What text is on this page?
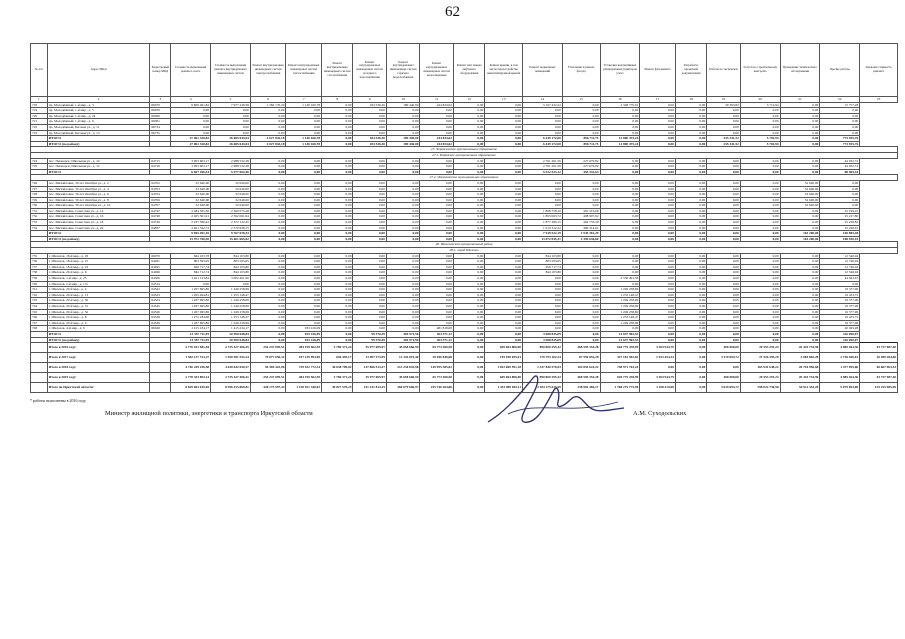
62
№ п/п	Адрес МКД	Кадастровый номер МКД	Стоимость выполнения ремонта, всего	Стоимость выполнения ремонта внутридомовых инженерных систем	Ремонт внутридомовых инженерных систем электроснабжения	Ремонт внутридомовых инженерных систем теплоснабжения	Ремонт внутридомовых инженерных систем газоснабжения	Ремонт внутридомовых инженерных систем холодного водоснабжения	Ремонт внутридомовых инженерных систем горячего водоснабжения	Ремонт внутридомовых инженерных систем водоотведения	Ремонт или замена лифтового оборудования	Ремонт крыши, в том числе переустройство невентилируемой крыши	Ремонт подвальных помещений	Утепление и ремонт фасада	Установка коллективных (общедомовых) приборов учета	Ремонт фундамента	Разработка проектной документации	Работы по экспертизе	Услуги по строительному контролю	Проведение технического обследования	Прочие работы	Удельная стоимость ремонта
1	2	3	4	5	6	7	8	9	10	11	12	13	14	15	16	17	18	19	20	21	22	23
718	пр. Молодёжный, 1-й мкр., д. 3	66070	6 869 461,82	7 977 249,58	1 382 176,20	1 140 160,78	0,00	184 536,30	189 440,00	244 834,62	0,00	0,00	5 167 432,22	0,00	2 348 770,91	0,00	0,00	39 363,82	3 712,94	0,00	15 757,28	
719	пр. Молодёжный, 1-й мкр., д. 5	66059	0,00	0,00	0,00	0,00	0,00	0,00	0,00	0,00	0,00	0,00	0,00	0,00	0,00	0,00	0,00	0,00	0,00	0,00	0,00	
720	пр. Молодёжный, 1-й мкр., д. 24	66069	0,00	0,00	0,00	0,00	0,00	0,00	0,00	0,00	0,00	0,00	0,00	0,00	0,00	0,00	0,00	0,00	0,00	0,00	0,00	
721	пр. Молодёжный, 1-й мкр., д. 9	66061	0,00	0,00	0,00	0,00	0,00	0,00	0,00	0,00	0,00	0,00	0,00	0,00	0,00	0,00	0,00	0,00	0,00	0,00	0,00	
722	пр. Молодёжный, Беговая ул., д. 11	66734	0,00	0,00	0,00	0,00	0,00	0,00	0,00	0,00	0,00	0,00	0,00	0,00	0,00	0,00	0,00	0,00	0,00	0,00	0,00	
723	пр. Молодёжный, Беговая ул., д. 13	66735	0,00	0,00	0,00	0,00	0,00	0,00	0,00	0,00	0,00	0,00	0,00	0,00	0,00	0,00	0,00	0,00	0,00	0,00	0,00	
	ИТОГО		27 061 320,82	26 685 643,04	4 027 842,18	1 140 160,78	0,00	184 536,30	189 440,00	244 834,62	0,00	0,00	6 449 172,00	896 711,75	12 800 475,24	0,00	0,00	255 341,52	5 702,94	0,00	773 955,76	
	ИТОГО (по району)		27 061 320,82	26 685 643,04	4 027 842,18	1 140 160,78	0,00	184 536,30	189 440,00	244 834,62	0,00	0,00	6 449 172,00	896 711,75	12 800 475,24	0,00	0,00	255 341,52	5 702,94	0,00	773 955,76	
27. Черемховское муниципальное образование																						
27.1. Кировское муниципальное образование																						
724	пос. Пионерск, Школьная ул., д. 10	64715	3 003 603,17	2 988 532,28	0,00	0,00	0,00	0,00	0,00	0,00	0,00	0,00	2 761 261,56	227 670,82	0,00	0,00	0,00	0,00	0,00	0,00	44 032,72	
725	пос. Пионерск, Школьная ул., д. 12	64716	3 003 603,17	2 988 532,28	0,00	0,00	0,00	0,00	0,00	0,00	0,00	0,00	2 761 261,56	227 670,82	0,00	0,00	0,00	0,00	0,00	0,00	44 032,72	
	ИТОГО		6 007 206,34	5 977 064,56	0,00	0,00	0,00	0,00	0,00	0,00	0,00	0,00	5 522 523,12	455 341,64	0,00	0,00	0,00	0,00	0,00	0,00	88 065,44	
27.2. Черемховское муниципальное образование																						
726	пос. Михайловка, 30 лет Октября ул., д. 2	64702	32 640,00	32 640,00	0,00	0,00	0,00	0,00	0,00	0,00	0,00	0,00	0,00	0,00	0,00	0,00	0,00	0,00	0,00	32 640,00	0,00	
727	пос. Михайловка, 30 лет Октября ул., д. 4	64703	32 640,00	32 640,00	0,00	0,00	0,00	0,00	0,00	0,00	0,00	0,00	0,00	0,00	0,00	0,00	0,00	0,00	0,00	32 640,00	0,00	
728	пос. Михайловка, 30 лет Октября ул., д. 6	64704	32 640,00	32 640,00	0,00	0,00	0,00	0,00	0,00	0,00	0,00	0,00	0,00	0,00	0,00	0,00	0,00	0,00	0,00	32 640,00	0,00	
729	пос. Михайловка, 30 лет Октября ул., д. 8	64706	32 640,00	32 640,00	0,00	0,00	0,00	0,00	0,00	0,00	0,00	0,00	0,00	0,00	0,00	0,00	0,00	0,00	0,00	32 640,00	0,00	
730	пос. Михайловка, 30 лет Октября ул., д. 10	64707	32 640,00	32 640,00	0,00	0,00	0,00	0,00	0,00	0,00	0,00	0,00	0,00	0,00	0,00	0,00	0,00	0,00	0,00	32 640,00	0,00	
731	пос. Михайловка, Советская ул., д. 14	64747	2 484 305,30	2 360 075,28	0,00	0,00	0,00	0,00	0,00	0,00	0,00	0,00	1 868 758,10	491 316,06	0,00	0,00	0,00	0,00	0,00	0,00	25 199,25	
732	пос. Михайловка, Советская ул., д. 16	64748	2 405 301,91	2 392 061,64	0,00	0,00	0,00	0,00	0,00	0,00	0,00	0,00	1 893 063,72	498 997,92	0,00	0,00	0,00	0,00	0,00	0,00	25 217,80	
733	пос. Михайловка, Советская ул., д. 18	64749	2 437 360,42	2 372 122,45	0,00	0,00	0,00	0,00	0,00	0,00	0,00	0,00	1 877 389,15	494 733,30	0,00	0,00	0,00	0,00	0,00	0,00	25 239,82	
734	пос. Михайловка, Советская ул., д. 20	64837	2 461 322,73	2 370 626,15	0,00	0,00	0,00	0,00	0,00	0,00	0,00	0,00	1 910 312,22	460 314,01	0,00	0,00	0,00	0,00	0,00	0,00	25 228,61	
	ИТОГО		9 965 491,16	9 767 078,33	0,00	0,00	0,00	0,00	0,00	0,00	0,00	0,00	7 549 522,19	1 945 361,29	0,00	0,00	0,00	0,00	0,00	163 200,00	100 885,48	
	ИТОГО (по району)		15 972 700,50	15 661 665,02	0,00	0,00	0,00	0,00	0,00	0,00	0,00	0,00	13 072 045,31	2 399 636,60	0,00	0,00	0,00	0,00	0,00	163 200,00	188 950,92	
28. Шелеховский муниципальный район																						
28.1. город Шелехов																						
735	г. Шелехов, 18-й мкр., д. 18	66070	844 103,78	844 103,80	0,00	0,00	0,00	0,00	0,00	0,00	0,00	0,00	844 103,80	0,00	0,00	0,00	0,00	0,00	0,00	0,00	12 546,94	
736	г. Шелехов, 18-й мкр., д. 21	64491	803 593,65	803 593,65	0,00	0,00	0,00	0,00	0,00	0,00	0,00	0,00	803 593,65	0,00	0,00	0,00	0,00	0,00	0,00	0,00	12 746,04	
737	г. Шелехов, 18-й мкр., д. 23	64495	656 717,74	844 103,80	0,00	0,00	0,00	0,00	0,00	0,00	0,00	0,00	656 717,74	0,00	0,00	0,00	0,00	0,00	0,00	0,00	12 746,04	
738	г. Шелехов, 20-й мкр., д. 6	64496	844 712,74	844 103,80	0,00	0,00	0,00	0,00	0,00	0,00	0,00	0,00	844 103,80	0,00	0,00	0,00	0,00	0,00	0,00	0,00	12 546,94	
739	г. Шелехов, 1-й мкр., д. 25	64500	3 021 123,84	3 002 401,96	0,00	0,00	0,00	0,00	0,00	0,00	0,00	0,00	0,00	0,00	2 556 491,56	0,00	0,00	0,00	0,00	0,00	44 641,67	
740	г. Шелехов, 2-й мкр., д. 17а	64514	0,00	0,00	0,00	0,00	0,00	0,00	0,00	0,00	0,00	0,00	0,00	0,00	0,00	0,00	0,00	0,00	0,00	0,00	0,00	
741	г. Шелехов, 20-й мкр., д. 4	64522	1 267 695,86	1 249 258,69	0,00	0,00	0,00	0,00	0,00	0,00	0,00	0,00	0,00	0,00	1 249 258,69	0,00	0,00	0,00	0,00	0,00	19 377,96	
742	г. Шелехов, 20-й мкр., д. 13	64523	1 265 494,81	1 253 148,47	0,00	0,00	0,00	0,00	0,00	0,00	0,00	0,00	0,00	0,00	1 253 148,47	0,00	0,00	0,00	0,00	0,00	19 433,72	
743	г. Шелехов, 20-й мкр., д. 30	64524	1 267 695,86	1 249 258,69	0,00	0,00	0,00	0,00	0,00	0,00	0,00	0,00	0,00	0,00	1 249 258,69	0,00	0,00	0,00	0,00	0,00	19 377,96	
744	г. Шелехов, 20-й мкр., д. 31	64525	1 267 695,86	1 249 258,69	0,00	0,00	0,00	0,00	0,00	0,00	0,00	0,00	0,00	0,00	1 249 258,69	0,00	0,00	0,00	0,00	0,00	19 377,96	
745	г. Шелехов, 20-й мкр., д. 32	64526	1 267 695,86	1 249 258,69	0,00	0,00	0,00	0,00	0,00	0,00	0,00	0,00	0,00	0,00	1 249 258,69	0,00	0,00	0,00	0,00	0,00	19 377,96	
746	г. Шелехов, 20-й мкр., д. 8	64528	1 272 184,66	1 253 148,47	0,00	0,00	0,00	0,00	0,00	0,00	0,00	0,00	0,00	0,00	1 253 148,47	0,00	0,00	0,00	0,00	0,00	19 433,72	
747	г. Шелехов, 20-й мкр., д. 9	64529	1 267 695,86	1 249 258,69	0,00	0,00	0,00	0,00	0,00	0,00	0,00	0,00	0,00	0,00	1 249 258,69	0,00	0,00	0,00	0,00	0,00	19 377,96	
748	г. Шелехов, 4-й мкр., д. 6	66049	1 415 234,17	1 415 234,17	0,00	933 416,09	0,00	0,00	0,00	481 818,08	0,00	0,00	0,00	0,00	0,00	0,00	0,00	0,00	0,00	0,00	20 045,28	
	ИТОГО		21 357 711,95	20 990 648,84	0,00	933 416,09	0,00	99 370,49	304 971,50	263 371,12	0,00	0,00	3 988 835,09	0,00	14 637 962,53	0,00	0,00	0,00	0,00	0,00	316 090,07	
	ИТОГО (по району)		21 357 711,95	20 990 648,84	0,00	933 416,09	0,00	99 370,49	304 971,50	263 371,12	0,00	0,00	3 988 835,09	0,00	14 637 962,53	0,00	0,00	0,00	0,00	0,00	316 090,07	
	Итого в 2016 году:		2 776 101 981,84	2 735 427 406,45	254 247 095,51	284 199 502,59	3 780 371,24	35 977 005,97	45 658 666,59	65 773 360,58	0,00	649 064 806,00	890 800 295,32	368 595 354,28	626 775 478,99	3 204 944,79	0,00	400 000,00	20 553 291,24	20 443 734,96	4 885 464,36	43 737 987,40
	Итого в 2017 году:		1 582 137 723,27	1 550 581 552,24	79 077 656,32	107 139 993,69	646 455,17	13 097 573,99	12 344 019,40	29 046 840,68	0,00	159 938 055,01	170 793 162,24	87 559 052,28	327 181 502,82	1 923 454,24	0,00	3 219 094,72	21 526 395,29	3 084 862,28	2 730 306,61	16 280 284,60
	Итого в 2018 году:		4 740 249 256,58	4 638 642 050,27	94 569 423,96	729 922 772,34	36 038 709,02	137 866 513,27	213 236 843,98	149 955 385,02	0,00	1 022 069 591,18	1 327 840 270,03	102 855 624,22	748 971 763,24	0,00	0,00	0,00	163 941 648,22	26 794 956,68	1 477 995,60	40 667 963,33
	Итого в 2019 году:		2 778 333 803,14	2 735 427 406,41	254 247 095,51	284 199 502,59	3 780 371,24	35 977 005,97	45 658 666,59	65 773 360,58	0,00	649 064 806,00	890 800 295,32	368 595 354,28	626 775 478,99	3 204 944,79	0,00	400 000,00	20 553 291,24	20 443 734,96	4 885 464,36	43 737 987,40
	Итого по Иркутской области:		8 829 603 029,65	8 596 415 869,81	428 175 997,42	1 158 921 340,02	40 827 570,25	151 241 813,25	360 079 606,97	225 740 264,86	0,00	1 451 809 603,11	2 184 175 025,69	238 981 484,17	1 768 275 775,90	3 108 419,68	0,00	3 619 094,72	298 022 736,58	50 911 353,29	9 079 003,89	125 225 985,69
* работы выполнены в 2016 году
Министр жилищной политики, энергетики и транспорта Иркутской области	А.М. Суходольских
